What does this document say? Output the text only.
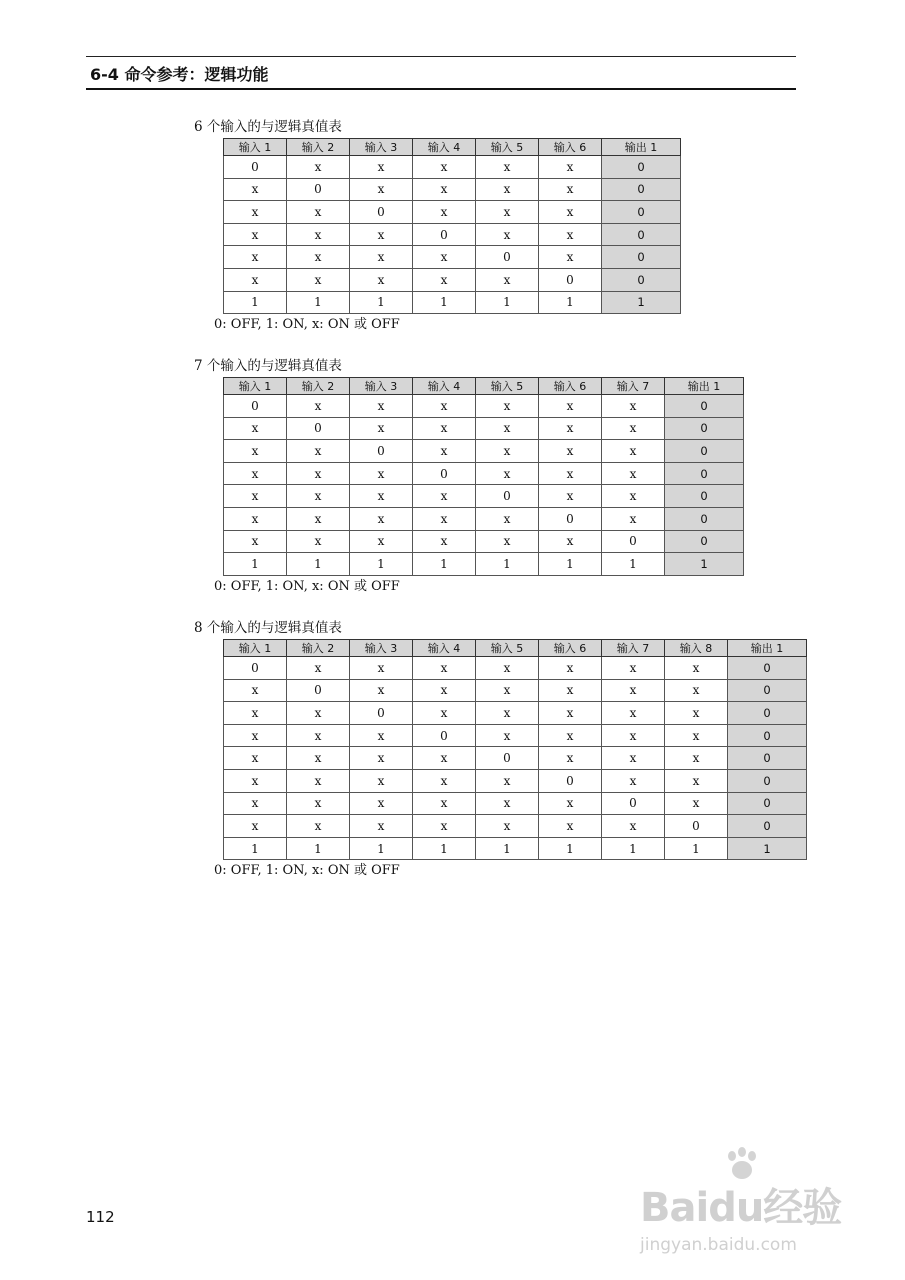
6-4 命令参考：逻辑功能
6 个输入的与逻辑真值表
输入 1	输入 2	输入 3	输入 4	输入 5	输入 6	输出 1
0	x	x	x	x	x	0
x	0	x	x	x	x	0
x	x	0	x	x	x	0
x	x	x	0	x	x	0
x	x	x	x	0	x	0
x	x	x	x	x	0	0
1	1	1	1	1	1	1
0: OFF, 1: ON, x: ON 或 OFF
7 个输入的与逻辑真值表
输入 1	输入 2	输入 3	输入 4	输入 5	输入 6	输入 7	输出 1
0	x	x	x	x	x	x	0
x	0	x	x	x	x	x	0
x	x	0	x	x	x	x	0
x	x	x	0	x	x	x	0
x	x	x	x	0	x	x	0
x	x	x	x	x	0	x	0
x	x	x	x	x	x	0	0
1	1	1	1	1	1	1	1
0: OFF, 1: ON, x: ON 或 OFF
8 个输入的与逻辑真值表
输入 1	输入 2	输入 3	输入 4	输入 5	输入 6	输入 7	输入 8	输出 1
0	x	x	x	x	x	x	x	0
x	0	x	x	x	x	x	x	0
x	x	0	x	x	x	x	x	0
x	x	x	0	x	x	x	x	0
x	x	x	x	0	x	x	x	0
x	x	x	x	x	0	x	x	0
x	x	x	x	x	x	0	x	0
x	x	x	x	x	x	x	0	0
1	1	1	1	1	1	1	1	1
0: OFF, 1: ON, x: ON 或 OFF
112	Baidu经验
jingyan.baidu.com
